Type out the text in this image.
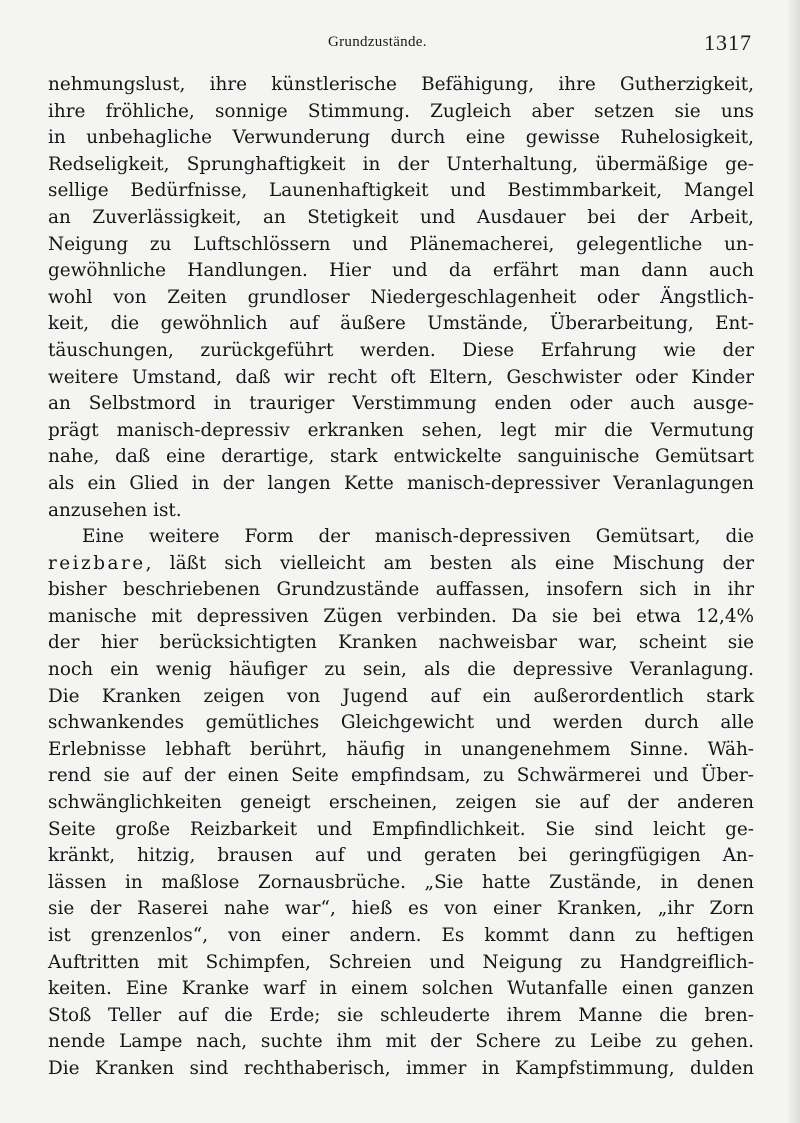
Grundzustände.	1317
nehmungslust, ihre künstlerische Befähigung, ihre Gutherzigkeit,
ihre fröhliche, sonnige Stimmung. Zugleich aber setzen sie uns
in unbehagliche Verwunderung durch eine gewisse Ruhelosigkeit,
Redseligkeit, Sprunghaftigkeit in der Unterhaltung, übermäßige ge-
sellige Bedürfnisse, Launenhaftigkeit und Bestimmbarkeit, Mangel
an Zuverlässigkeit, an Stetigkeit und Ausdauer bei der Arbeit,
Neigung zu Luftschlössern und Plänemacherei, gelegentliche un-
gewöhnliche Handlungen. Hier und da erfährt man dann auch
wohl von Zeiten grundloser Niedergeschlagenheit oder Ängstlich-
keit, die gewöhnlich auf äußere Umstände, Überarbeitung, Ent-
täuschungen, zurückgeführt werden. Diese Erfahrung wie der
weitere Umstand, daß wir recht oft Eltern, Geschwister oder Kinder
an Selbstmord in trauriger Verstimmung enden oder auch ausge-
prägt manisch-depressiv erkranken sehen, legt mir die Vermutung
nahe, daß eine derartige, stark entwickelte sanguinische Gemütsart
als ein Glied in der langen Kette manisch-depressiver Veranlagungen
anzusehen ist.
Eine weitere Form der manisch-depressiven Gemütsart, die
reizbare, läßt sich vielleicht am besten als eine Mischung der
bisher beschriebenen Grundzustände auffassen, insofern sich in ihr
manische mit depressiven Zügen verbinden. Da sie bei etwa 12,4%
der hier berücksichtigten Kranken nachweisbar war, scheint sie
noch ein wenig häufiger zu sein, als die depressive Veranlagung.
Die Kranken zeigen von Jugend auf ein außerordentlich stark
schwankendes gemütliches Gleichgewicht und werden durch alle
Erlebnisse lebhaft berührt, häufig in unangenehmem Sinne. Wäh-
rend sie auf der einen Seite empfindsam, zu Schwärmerei und Über-
schwänglichkeiten geneigt erscheinen, zeigen sie auf der anderen
Seite große Reizbarkeit und Empfindlichkeit. Sie sind leicht ge-
kränkt, hitzig, brausen auf und geraten bei geringfügigen An-
lässen in maßlose Zornausbrüche. „Sie hatte Zustände, in denen
sie der Raserei nahe war“, hieß es von einer Kranken, „ihr Zorn
ist grenzenlos“, von einer andern. Es kommt dann zu heftigen
Auftritten mit Schimpfen, Schreien und Neigung zu Handgreiflich-
keiten. Eine Kranke warf in einem solchen Wutanfalle einen ganzen
Stoß Teller auf die Erde; sie schleuderte ihrem Manne die bren-
nende Lampe nach, suchte ihm mit der Schere zu Leibe zu gehen.
Die Kranken sind rechthaberisch, immer in Kampfstimmung, dulden
